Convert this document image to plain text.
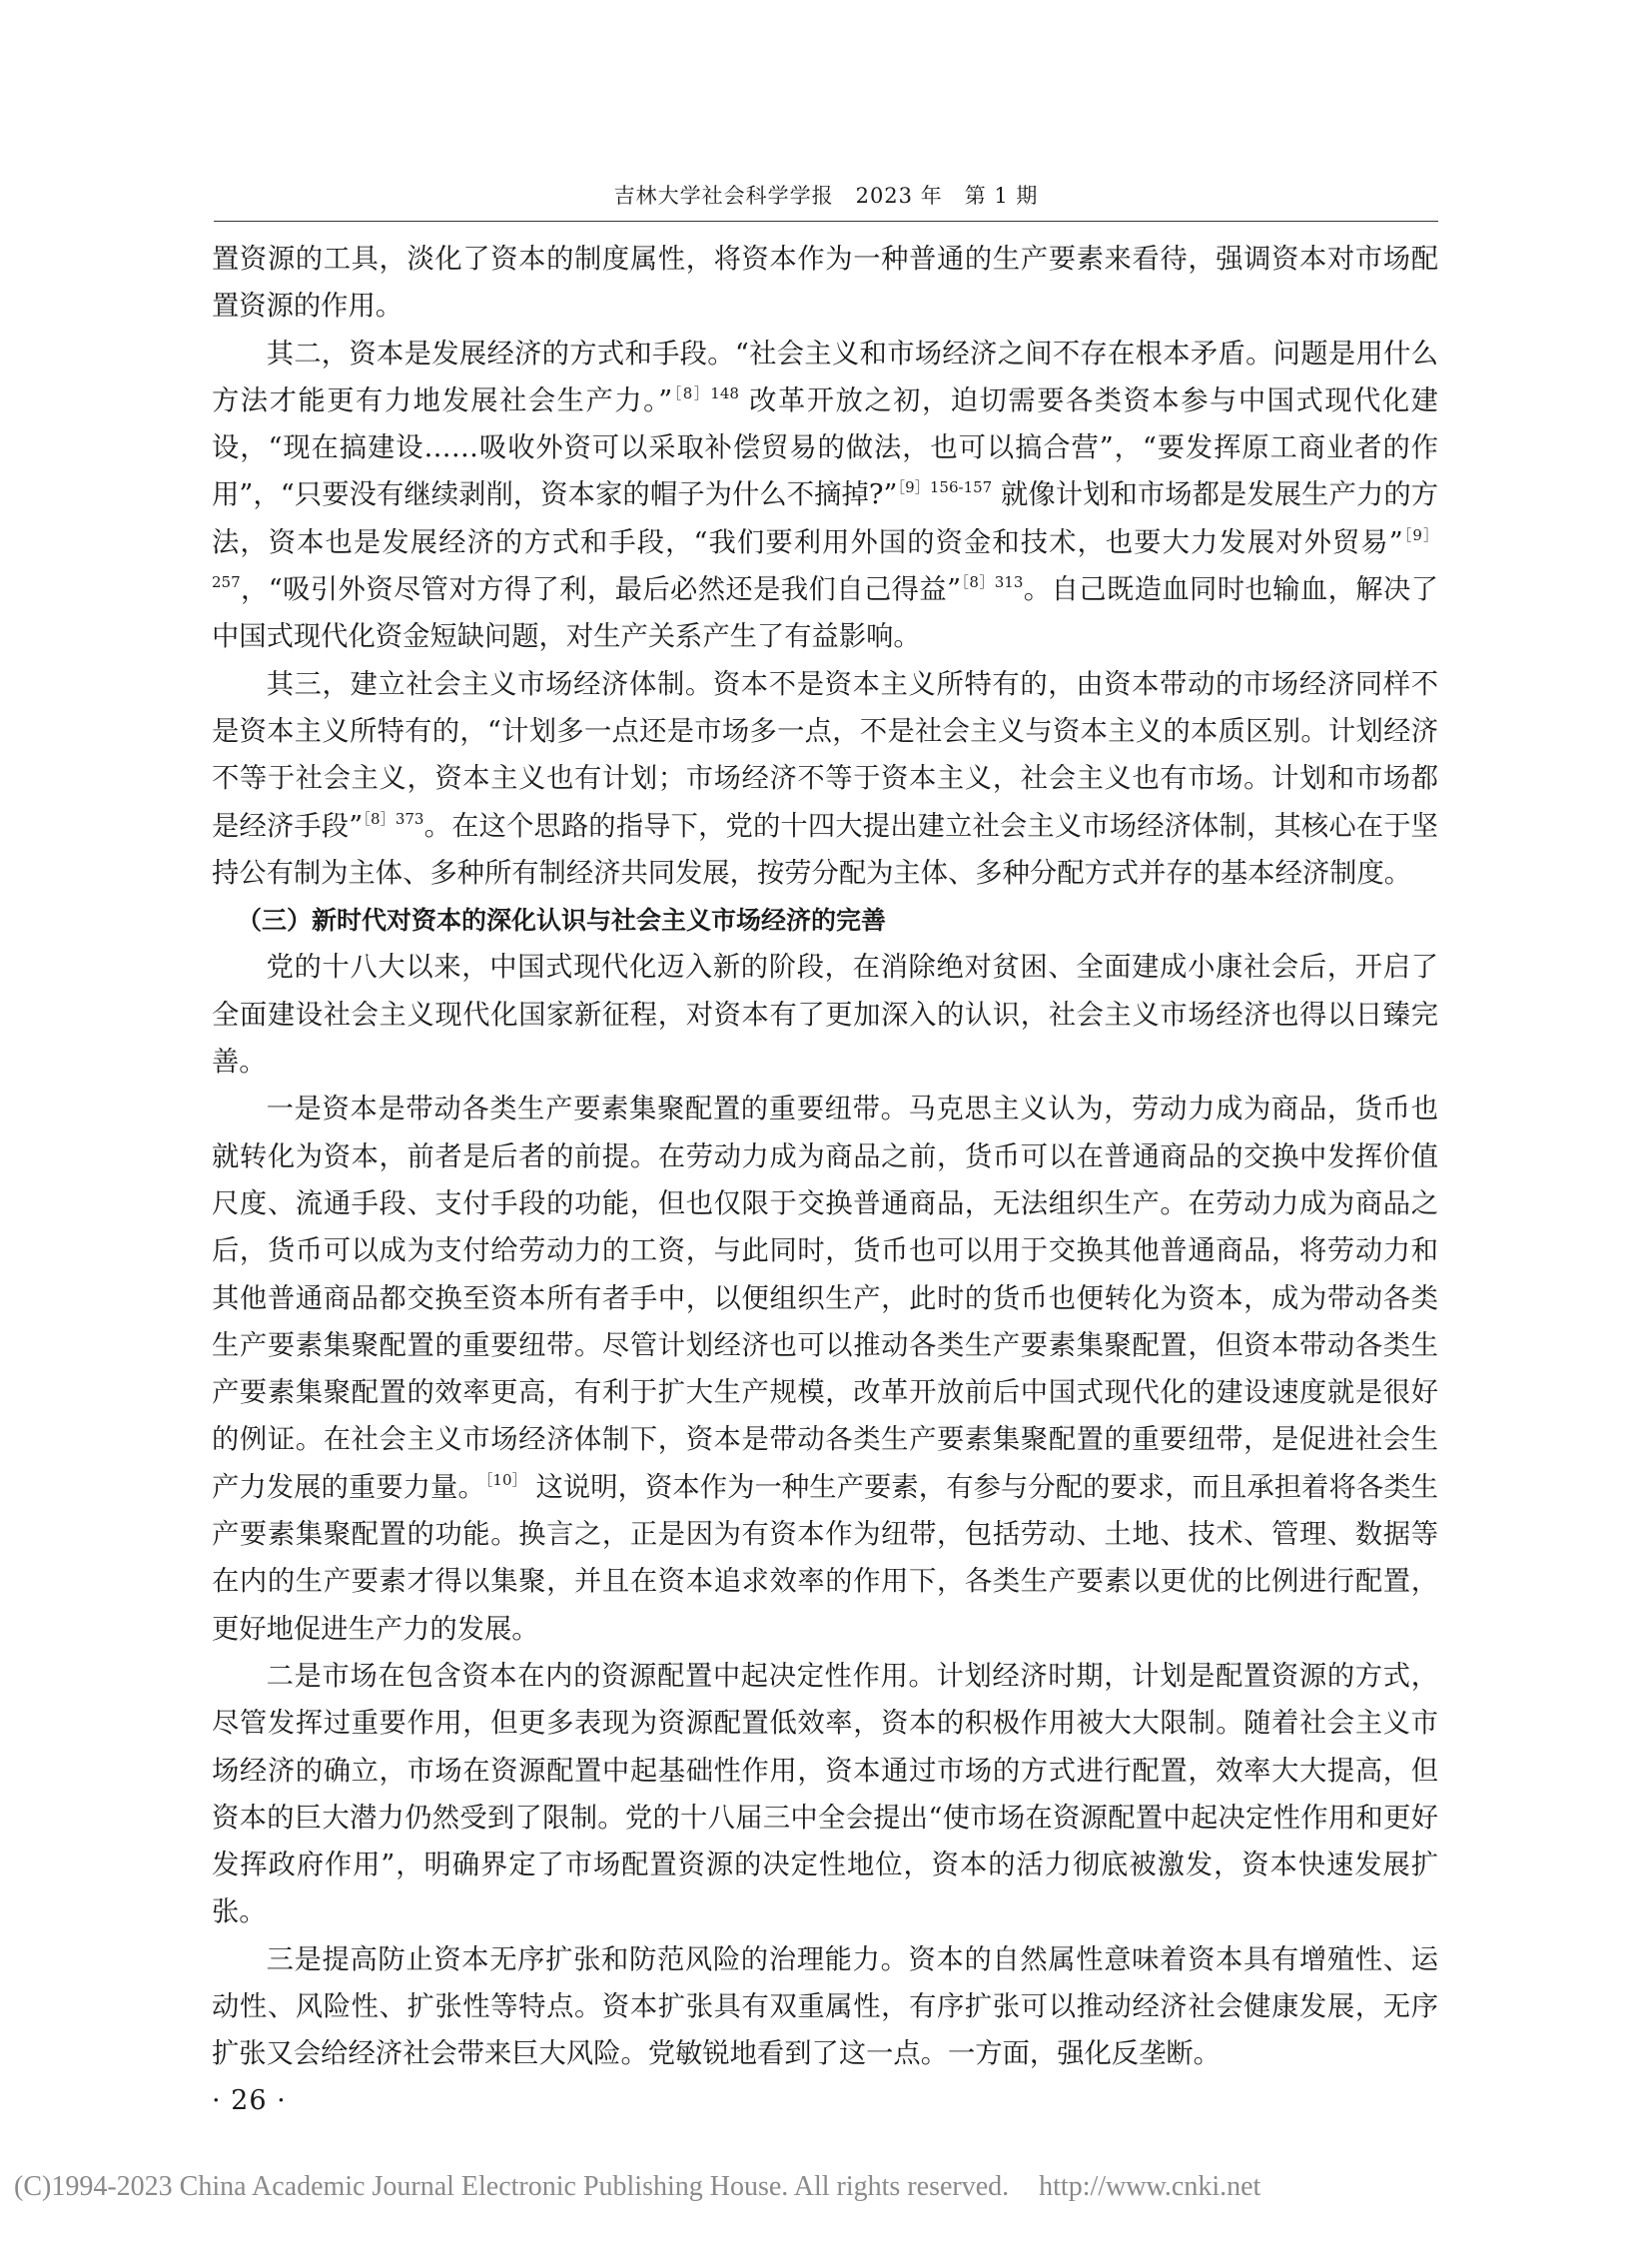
吉林大学社会科学学报　2023 年　第 1 期

置资源的工具，淡化了资本的制度属性，将资本作为一种普通的生产要素来看待，强调资本对市场配置资源的作用。

其二，资本是发展经济的方式和手段。“社会主义和市场经济之间不存在根本矛盾。问题是用什么方法才能更有力地发展社会生产力。”$^{[8]148}$ 改革开放之初，迫切需要各类资本参与中国式现代化建设，“现在搞建设……吸收外资可以采取补偿贸易的做法，也可以搞合营”，“要发挥原工商业者的作用”，“只要没有继续剥削，资本家的帽子为什么不摘掉?”$^{[9]156-157}$ 就像计划和市场都是发展生产力的方法，资本也是发展经济的方式和手段，“我们要利用外国的资金和技术，也要大力发展对外贸易”$^{[9]257}$，“吸引外资尽管对方得了利，最后必然还是我们自己得益”$^{[8]313}$。自己既造血同时也输血，解决了中国式现代化资金短缺问题，对生产关系产生了有益影响。

其三，建立社会主义市场经济体制。资本不是资本主义所特有的，由资本带动的市场经济同样不是资本主义所特有的，“计划多一点还是市场多一点，不是社会主义与资本主义的本质区别。计划经济不等于社会主义，资本主义也有计划；市场经济不等于资本主义，社会主义也有市场。计划和市场都是经济手段”$^{[8]373}$。在这个思路的指导下，党的十四大提出建立社会主义市场经济体制，其核心在于坚持公有制为主体、多种所有制经济共同发展，按劳分配为主体、多种分配方式并存的基本经济制度。

（三）新时代对资本的深化认识与社会主义市场经济的完善

党的十八大以来，中国式现代化迈入新的阶段，在消除绝对贫困、全面建成小康社会后，开启了全面建设社会主义现代化国家新征程，对资本有了更加深入的认识，社会主义市场经济也得以日臻完善。

一是资本是带动各类生产要素集聚配置的重要纽带。马克思主义认为，劳动力成为商品，货币也就转化为资本，前者是后者的前提。在劳动力成为商品之前，货币可以在普通商品的交换中发挥价值尺度、流通手段、支付手段的功能，但也仅限于交换普通商品，无法组织生产。在劳动力成为商品之后，货币可以成为支付给劳动力的工资，与此同时，货币也可以用于交换其他普通商品，将劳动力和其他普通商品都交换至资本所有者手中，以便组织生产，此时的货币也便转化为资本，成为带动各类生产要素集聚配置的重要纽带。尽管计划经济也可以推动各类生产要素集聚配置，但资本带动各类生产要素集聚配置的效率更高，有利于扩大生产规模，改革开放前后中国式现代化的建设速度就是很好的例证。在社会主义市场经济体制下，资本是带动各类生产要素集聚配置的重要纽带，是促进社会生产力发展的重要力量。$^{[10]}$ 这说明，资本作为一种生产要素，有参与分配的要求，而且承担着将各类生产要素集聚配置的功能。换言之，正是因为有资本作为纽带，包括劳动、土地、技术、管理、数据等在内的生产要素才得以集聚，并且在资本追求效率的作用下，各类生产要素以更优的比例进行配置，更好地促进生产力的发展。

二是市场在包含资本在内的资源配置中起决定性作用。计划经济时期，计划是配置资源的方式，尽管发挥过重要作用，但更多表现为资源配置低效率，资本的积极作用被大大限制。随着社会主义市场经济的确立，市场在资源配置中起基础性作用，资本通过市场的方式进行配置，效率大大提高，但资本的巨大潜力仍然受到了限制。党的十八届三中全会提出“使市场在资源配置中起决定性作用和更好发挥政府作用”，明确界定了市场配置资源的决定性地位，资本的活力彻底被激发，资本快速发展扩张。

三是提高防止资本无序扩张和防范风险的治理能力。资本的自然属性意味着资本具有增殖性、运动性、风险性、扩张性等特点。资本扩张具有双重属性，有序扩张可以推动经济社会健康发展，无序扩张又会给经济社会带来巨大风险。党敏锐地看到了这一点。一方面，强化反垄断。

· 26 ·
(C)1994-2023 China Academic Journal Electronic Publishing House. All rights reserved. http://www.cnki.net
